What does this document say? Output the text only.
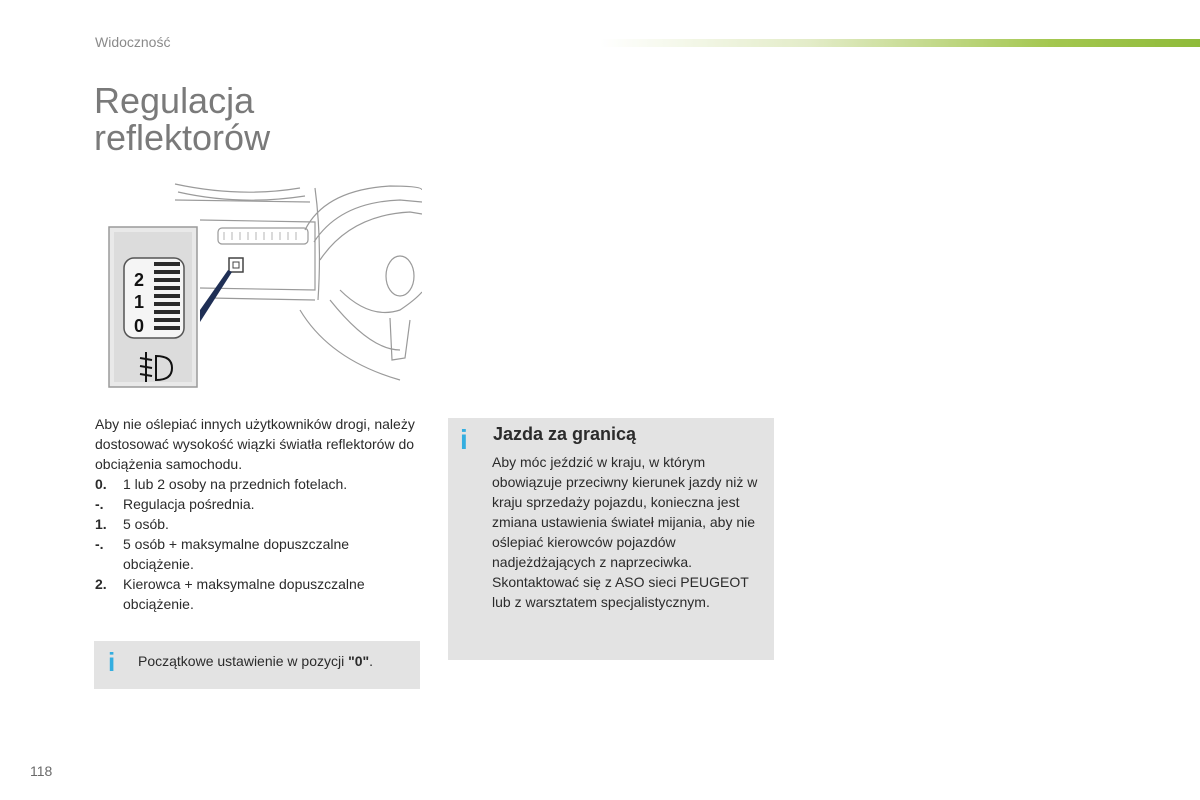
Widoczność
Regulacja reflektorów
2
1
0
Aby nie oślepiać innych użytkowników drogi, należy dostosować wysokość wiązki światła reflektorów do obciążenia samochodu.
0.	1 lub 2 osoby na przednich fotelach.
-.	Regulacja pośrednia.
1.	5 osób.
-.	5 osób + maksymalne dopuszczalne obciążenie.
2.	Kierowca + maksymalne dopuszczalne obciążenie.
i Początkowe ustawienie w pozycji "0".
i Jazda za granicą
Aby móc jeździć w kraju, w którym obowiązuje przeciwny kierunek jazdy niż w kraju sprzedaży pojazdu, konieczna jest zmiana ustawienia świateł mijania, aby nie oślepiać kierowców pojazdów nadjeżdżających z naprzeciwka. Skontaktować się z ASO sieci PEUGEOT lub z warsztatem specjalistycznym.
118
